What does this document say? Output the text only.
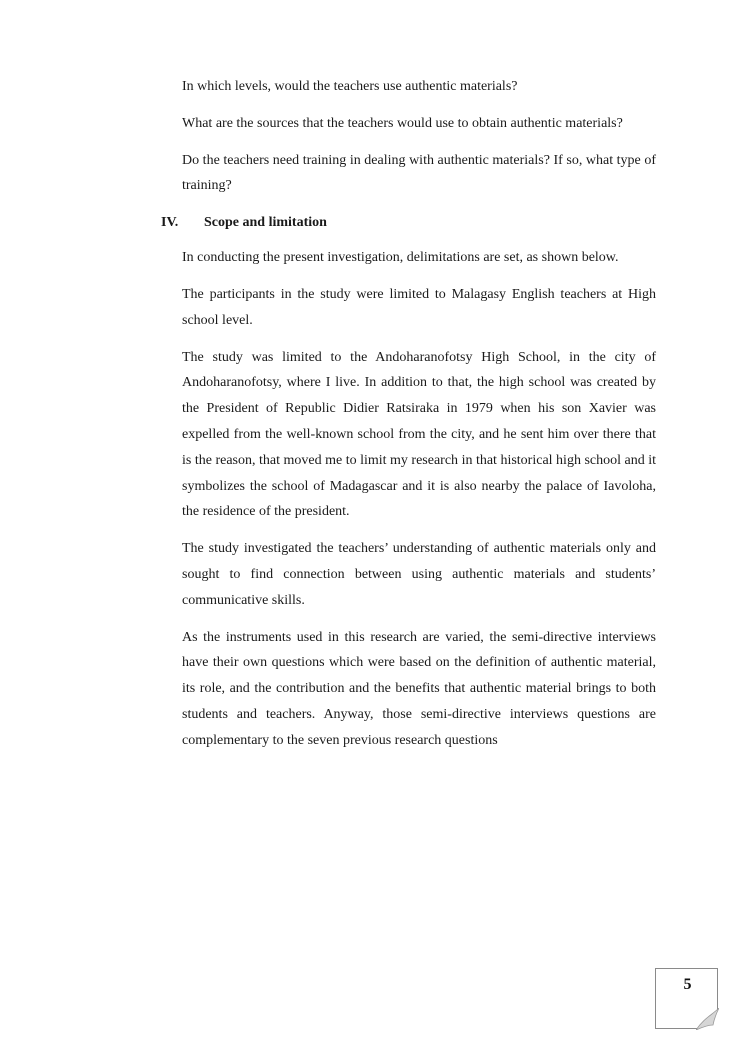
In which levels, would the teachers use authentic materials?

What are the sources that the teachers would use to obtain authentic materials?

Do the teachers need training in dealing with authentic materials? If so, what type of training?

IV. Scope and limitation

In conducting the present investigation, delimitations are set, as shown below.

The participants in the study were limited to Malagasy English teachers at High school level.

The study was limited to the Andoharanofotsy High School, in the city of Andoharanofotsy, where I live. In addition to that, the high school was created by the President of Republic Didier Ratsiraka in 1979 when his son Xavier was expelled from the well-known school from the city, and he sent him over there that is the reason, that moved me to limit my research in that historical high school and it symbolizes the school of Madagascar and it is also nearby the palace of Iavoloha, the residence of the president.

The study investigated the teachers’ understanding of authentic materials only and sought to find connection between using authentic materials and students’ communicative skills.

As the instruments used in this research are varied, the semi-directive interviews have their own questions which were based on the definition of authentic material, its role, and the contribution and the benefits that authentic material brings to both students and teachers. Anyway, those semi-directive interviews questions are complementary to the seven previous research questions

5
